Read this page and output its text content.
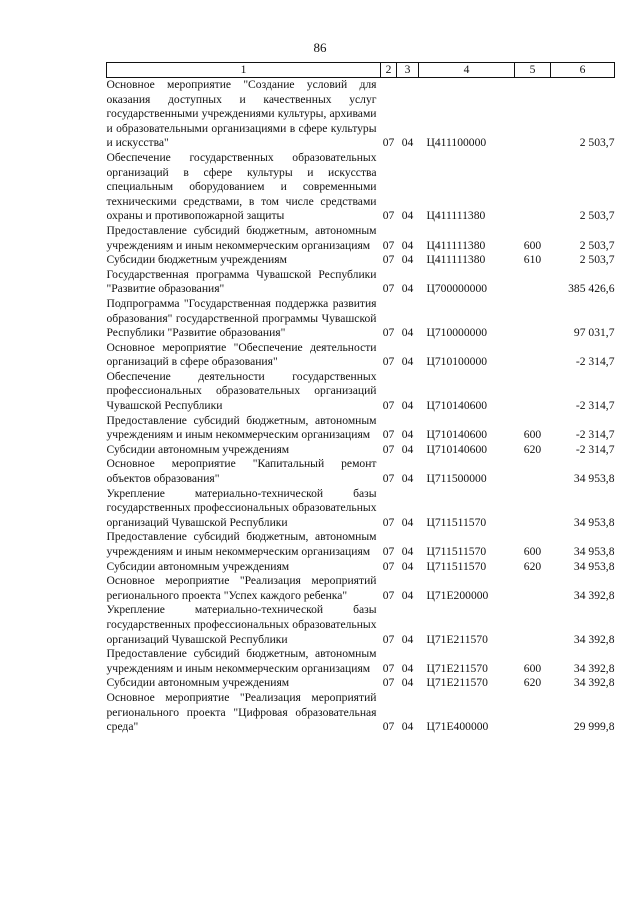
86
1	2	3	4	5	6
Основное мероприятие "Создание условий для оказания доступных и качественных услуг государственными учреждениями культуры, архивами и образовательными организациями в сфере культуры и искусства"	07	04	Ц411100000		2 503,7
Обеспечение государственных образовательных организаций в сфере культуры и искусства специальным оборудованием и современными техническими средствами, в том числе средствами охраны и противопожарной защиты	07	04	Ц411111380		2 503,7
Предоставление субсидий бюджетным, автономным учреждениям и иным некоммерческим организациям	07	04	Ц411111380	600	2 503,7
Субсидии бюджетным учреждениям	07	04	Ц411111380	610	2 503,7
Государственная программа Чувашской Республики "Развитие образования"	07	04	Ц700000000		385 426,6
Подпрограмма "Государственная поддержка развития образования" государственной программы Чувашской Республики "Развитие образования"	07	04	Ц710000000		97 031,7
Основное мероприятие "Обеспечение деятельности организаций в сфере образования"	07	04	Ц710100000		-2 314,7
Обеспечение деятельности государственных профессиональных образовательных организаций Чувашской Республики	07	04	Ц710140600		-2 314,7
Предоставление субсидий бюджетным, автономным учреждениям и иным некоммерческим организациям	07	04	Ц710140600	600	-2 314,7
Субсидии автономным учреждениям	07	04	Ц710140600	620	-2 314,7
Основное мероприятие "Капитальный ремонт объектов образования"	07	04	Ц711500000		34 953,8
Укрепление материально-технической базы государственных профессиональных образовательных организаций Чувашской Республики	07	04	Ц711511570		34 953,8
Предоставление субсидий бюджетным, автономным учреждениям и иным некоммерческим организациям	07	04	Ц711511570	600	34 953,8
Субсидии автономным учреждениям	07	04	Ц711511570	620	34 953,8
Основное мероприятие "Реализация мероприятий регионального проекта "Успех каждого ребенка"	07	04	Ц71E200000		34 392,8
Укрепление материально-технической базы государственных профессиональных образовательных организаций Чувашской Республики	07	04	Ц71E211570		34 392,8
Предоставление субсидий бюджетным, автономным учреждениям и иным некоммерческим организациям	07	04	Ц71E211570	600	34 392,8
Субсидии автономным учреждениям	07	04	Ц71E211570	620	34 392,8
Основное мероприятие "Реализация мероприятий регионального проекта "Цифровая образовательная среда"	07	04	Ц71E400000		29 999,8
